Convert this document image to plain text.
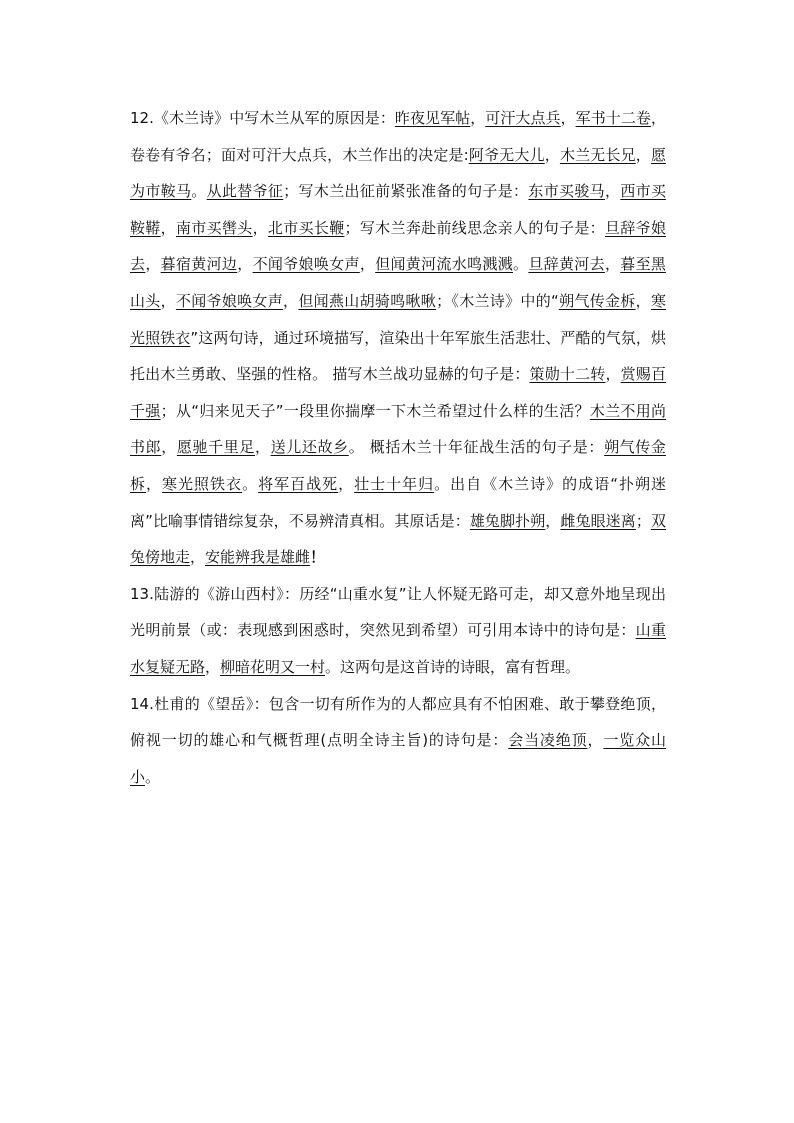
12.《木兰诗》中写木兰从军的原因是：昨夜见军帖，可汗大点兵，军书十二卷，卷卷有爷名；面对可汗大点兵，木兰作出的决定是:阿爷无大儿，木兰无长兄，愿为市鞍马。从此替爷征；写木兰出征前紧张准备的句子是：东市买骏马，西市买鞍鞯，南市买辔头，北市买长鞭；写木兰奔赴前线思念亲人的句子是：旦辞爷娘去，暮宿黄河边，不闻爷娘唤女声，但闻黄河流水鸣溅溅。旦辞黄河去，暮至黑山头，不闻爷娘唤女声，但闻燕山胡骑鸣啾啾；《木兰诗》中的“朔气传金柝，寒光照铁衣”这两句诗，通过环境描写，渲染出十年军旅生活悲壮、严酷的气氛，烘托出木兰勇敢、坚强的性格。 描写木兰战功显赫的句子是：策勋十二转，赏赐百千强；从“归来见天子”一段里你揣摩一下木兰希望过什么样的生活？木兰不用尚书郎，愿驰千里足，送儿还故乡。 概括木兰十年征战生活的句子是：朔气传金柝，寒光照铁衣。将军百战死，壮士十年归。出自《木兰诗》的成语“扑朔迷离”比喻事情错综复杂，不易辨清真相。其原话是：雄兔脚扑朔，雌兔眼迷离；双兔傍地走，安能辨我是雄雌！

13.陆游的《游山西村》：历经“山重水复”让人怀疑无路可走，却又意外地呈现出光明前景（或：表现感到困惑时，突然见到希望）可引用本诗中的诗句是：山重水复疑无路，柳暗花明又一村。这两句是这首诗的诗眼，富有哲理。

14.杜甫的《望岳》：包含一切有所作为的人都应具有不怕困难、敢于攀登绝顶，俯视一切的雄心和气概哲理(点明全诗主旨)的诗句是：会当凌绝顶，一览众山小。
